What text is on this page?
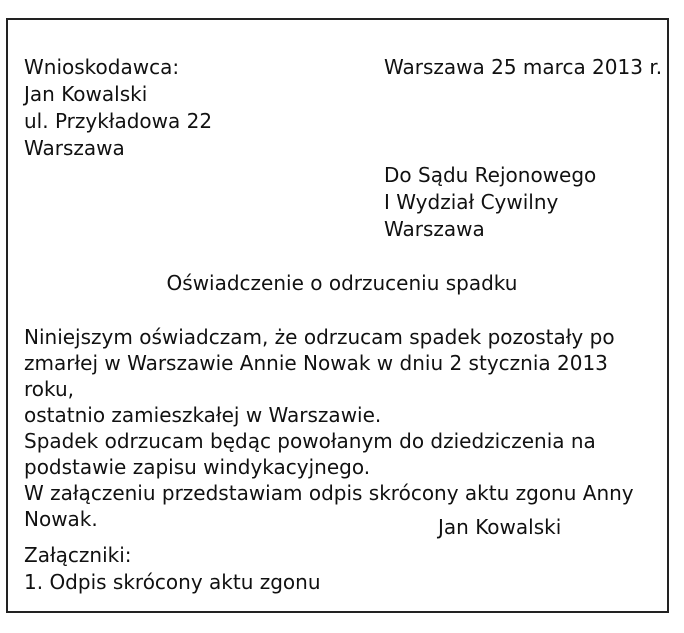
Wnioskodawca:
Jan Kowalski
ul. Przykładowa 22
Warszawa
Warszawa 25 marca 2013 r.
Do Sądu Rejonowego
I Wydział Cywilny
Warszawa
Oświadczenie o odrzuceniu spadku

Niniejszym oświadczam, że odrzucam spadek pozostały po
zmarłej w Warszawie Annie Nowak w dniu 2 stycznia 2013 roku,
ostatnio zamieszkałej w Warszawie.

Spadek odrzucam będąc powołanym do dziedziczenia na
podstawie zapisu windykacyjnego.

W załączeniu przedstawiam odpis skrócony aktu zgonu Anny
Nowak.	Jan Kowalski
Załączniki:
1. Odpis skrócony aktu zgonu
